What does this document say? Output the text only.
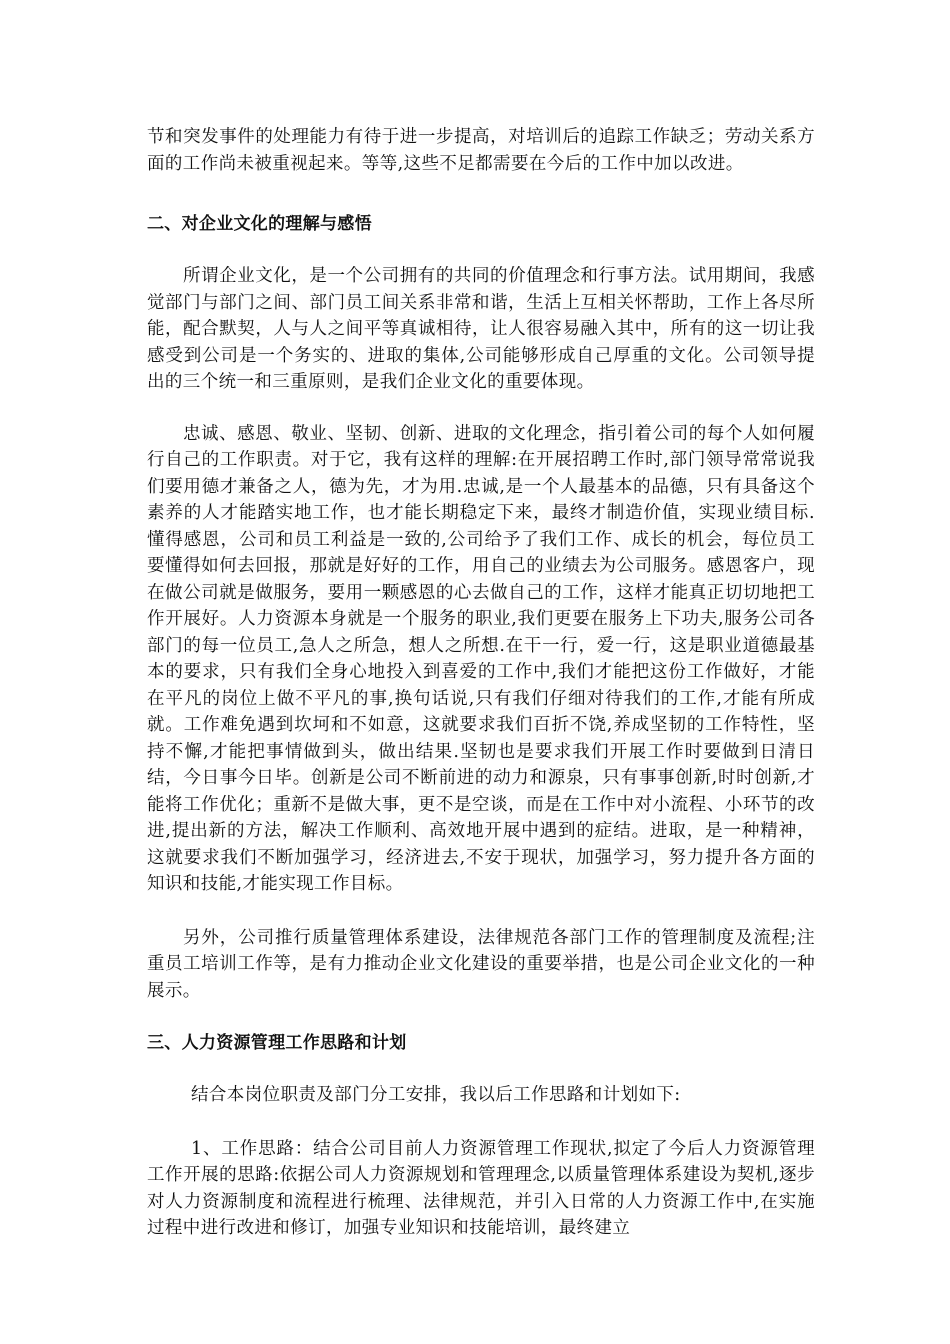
节和突发事件的处理能力有待于进一步提高，对培训后的追踪工作缺乏；劳动关系方面的工作尚未被重视起来。等等,这些不足都需要在今后的工作中加以改进。

二、对企业文化的理解与感悟

所谓企业文化，是一个公司拥有的共同的价值理念和行事方法。试用期间，我感觉部门与部门之间、部门员工间关系非常和谐，生活上互相关怀帮助，工作上各尽所能，配合默契，人与人之间平等真诚相待，让人很容易融入其中，所有的这一切让我感受到公司是一个务实的、进取的集体,公司能够形成自己厚重的文化。公司领导提出的三个统一和三重原则，是我们企业文化的重要体现。

忠诚、感恩、敬业、坚韧、创新、进取的文化理念，指引着公司的每个人如何履行自己的工作职责。对于它，我有这样的理解:在开展招聘工作时,部门领导常常说我们要用德才兼备之人，德为先，才为用.忠诚,是一个人最基本的品德，只有具备这个素养的人才能踏实地工作，也才能长期稳定下来，最终才制造价值，实现业绩目标.懂得感恩，公司和员工利益是一致的,公司给予了我们工作、成长的机会，每位员工要懂得如何去回报，那就是好好的工作，用自己的业绩去为公司服务。感恩客户，现在做公司就是做服务，要用一颗感恩的心去做自己的工作，这样才能真正切切地把工作开展好。人力资源本身就是一个服务的职业,我们更要在服务上下功夫,服务公司各部门的每一位员工,急人之所急，想人之所想.在干一行，爱一行，这是职业道德最基本的要求，只有我们全身心地投入到喜爱的工作中,我们才能把这份工作做好，才能在平凡的岗位上做不平凡的事,换句话说,只有我们仔细对待我们的工作,才能有所成就。工作难免遇到坎坷和不如意，这就要求我们百折不饶,养成坚韧的工作特性，坚持不懈,才能把事情做到头，做出结果.坚韧也是要求我们开展工作时要做到日清日结，今日事今日毕。创新是公司不断前进的动力和源泉，只有事事创新,时时创新,才能将工作优化；重新不是做大事，更不是空谈，而是在工作中对小流程、小环节的改进,提出新的方法，解决工作顺利、高效地开展中遇到的症结。进取，是一种精神，这就要求我们不断加强学习，经济进去,不安于现状，加强学习，努力提升各方面的知识和技能,才能实现工作目标。

另外，公司推行质量管理体系建设，法律规范各部门工作的管理制度及流程;注重员工培训工作等，是有力推动企业文化建设的重要举措，也是公司企业文化的一种展示。

三、人力资源管理工作思路和计划

结合本岗位职责及部门分工安排，我以后工作思路和计划如下:

1、工作思路：结合公司目前人力资源管理工作现状,拟定了今后人力资源管理工作开展的思路:依据公司人力资源规划和管理理念,以质量管理体系建设为契机,逐步对人力资源制度和流程进行梳理、法律规范，并引入日常的人力资源工作中,在实施过程中进行改进和修订，加强专业知识和技能培训，最终建立
